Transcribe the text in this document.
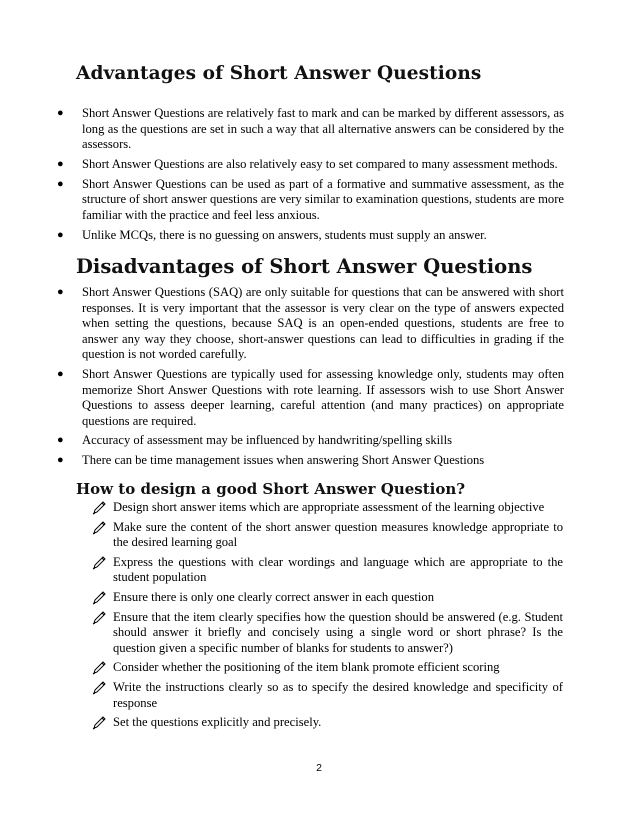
Advantages of Short Answer Questions
● Short Answer Questions are relatively fast to mark and can be marked by different assessors, as long as the questions are set in such a way that all alternative answers can be considered by the assessors.
● Short Answer Questions are also relatively easy to set compared to many assessment methods.
● Short Answer Questions can be used as part of a formative and summative assessment, as the structure of short answer questions are very similar to examination questions, students are more familiar with the practice and feel less anxious.
● Unlike MCQs, there is no guessing on answers, students must supply an answer.
Disadvantages of Short Answer Questions
● Short Answer Questions (SAQ) are only suitable for questions that can be answered with short responses. It is very important that the assessor is very clear on the type of answers expected when setting the questions, because SAQ is an open-ended questions, students are free to answer any way they choose, short-answer questions can lead to difficulties in grading if the question is not worded carefully.
● Short Answer Questions are typically used for assessing knowledge only, students may often memorize Short Answer Questions with rote learning. If assessors wish to use Short Answer Questions to assess deeper learning, careful attention (and many practices) on appropriate questions are required.
● Accuracy of assessment may be influenced by handwriting/spelling skills
● There can be time management issues when answering Short Answer Questions
How to design a good Short Answer Question?
Design short answer items which are appropriate assessment of the learning objective
Make sure the content of the short answer question measures knowledge appropriate to the desired learning goal
Express the questions with clear wordings and language which are appropriate to the student population
Ensure there is only one clearly correct answer in each question
Ensure that the item clearly specifies how the question should be answered (e.g. Student should answer it briefly and concisely using a single word or short phrase? Is the question given a specific number of blanks for students to answer?)
Consider whether the positioning of the item blank promote efficient scoring
Write the instructions clearly so as to specify the desired knowledge and specificity of response
Set the questions explicitly and precisely.
2
